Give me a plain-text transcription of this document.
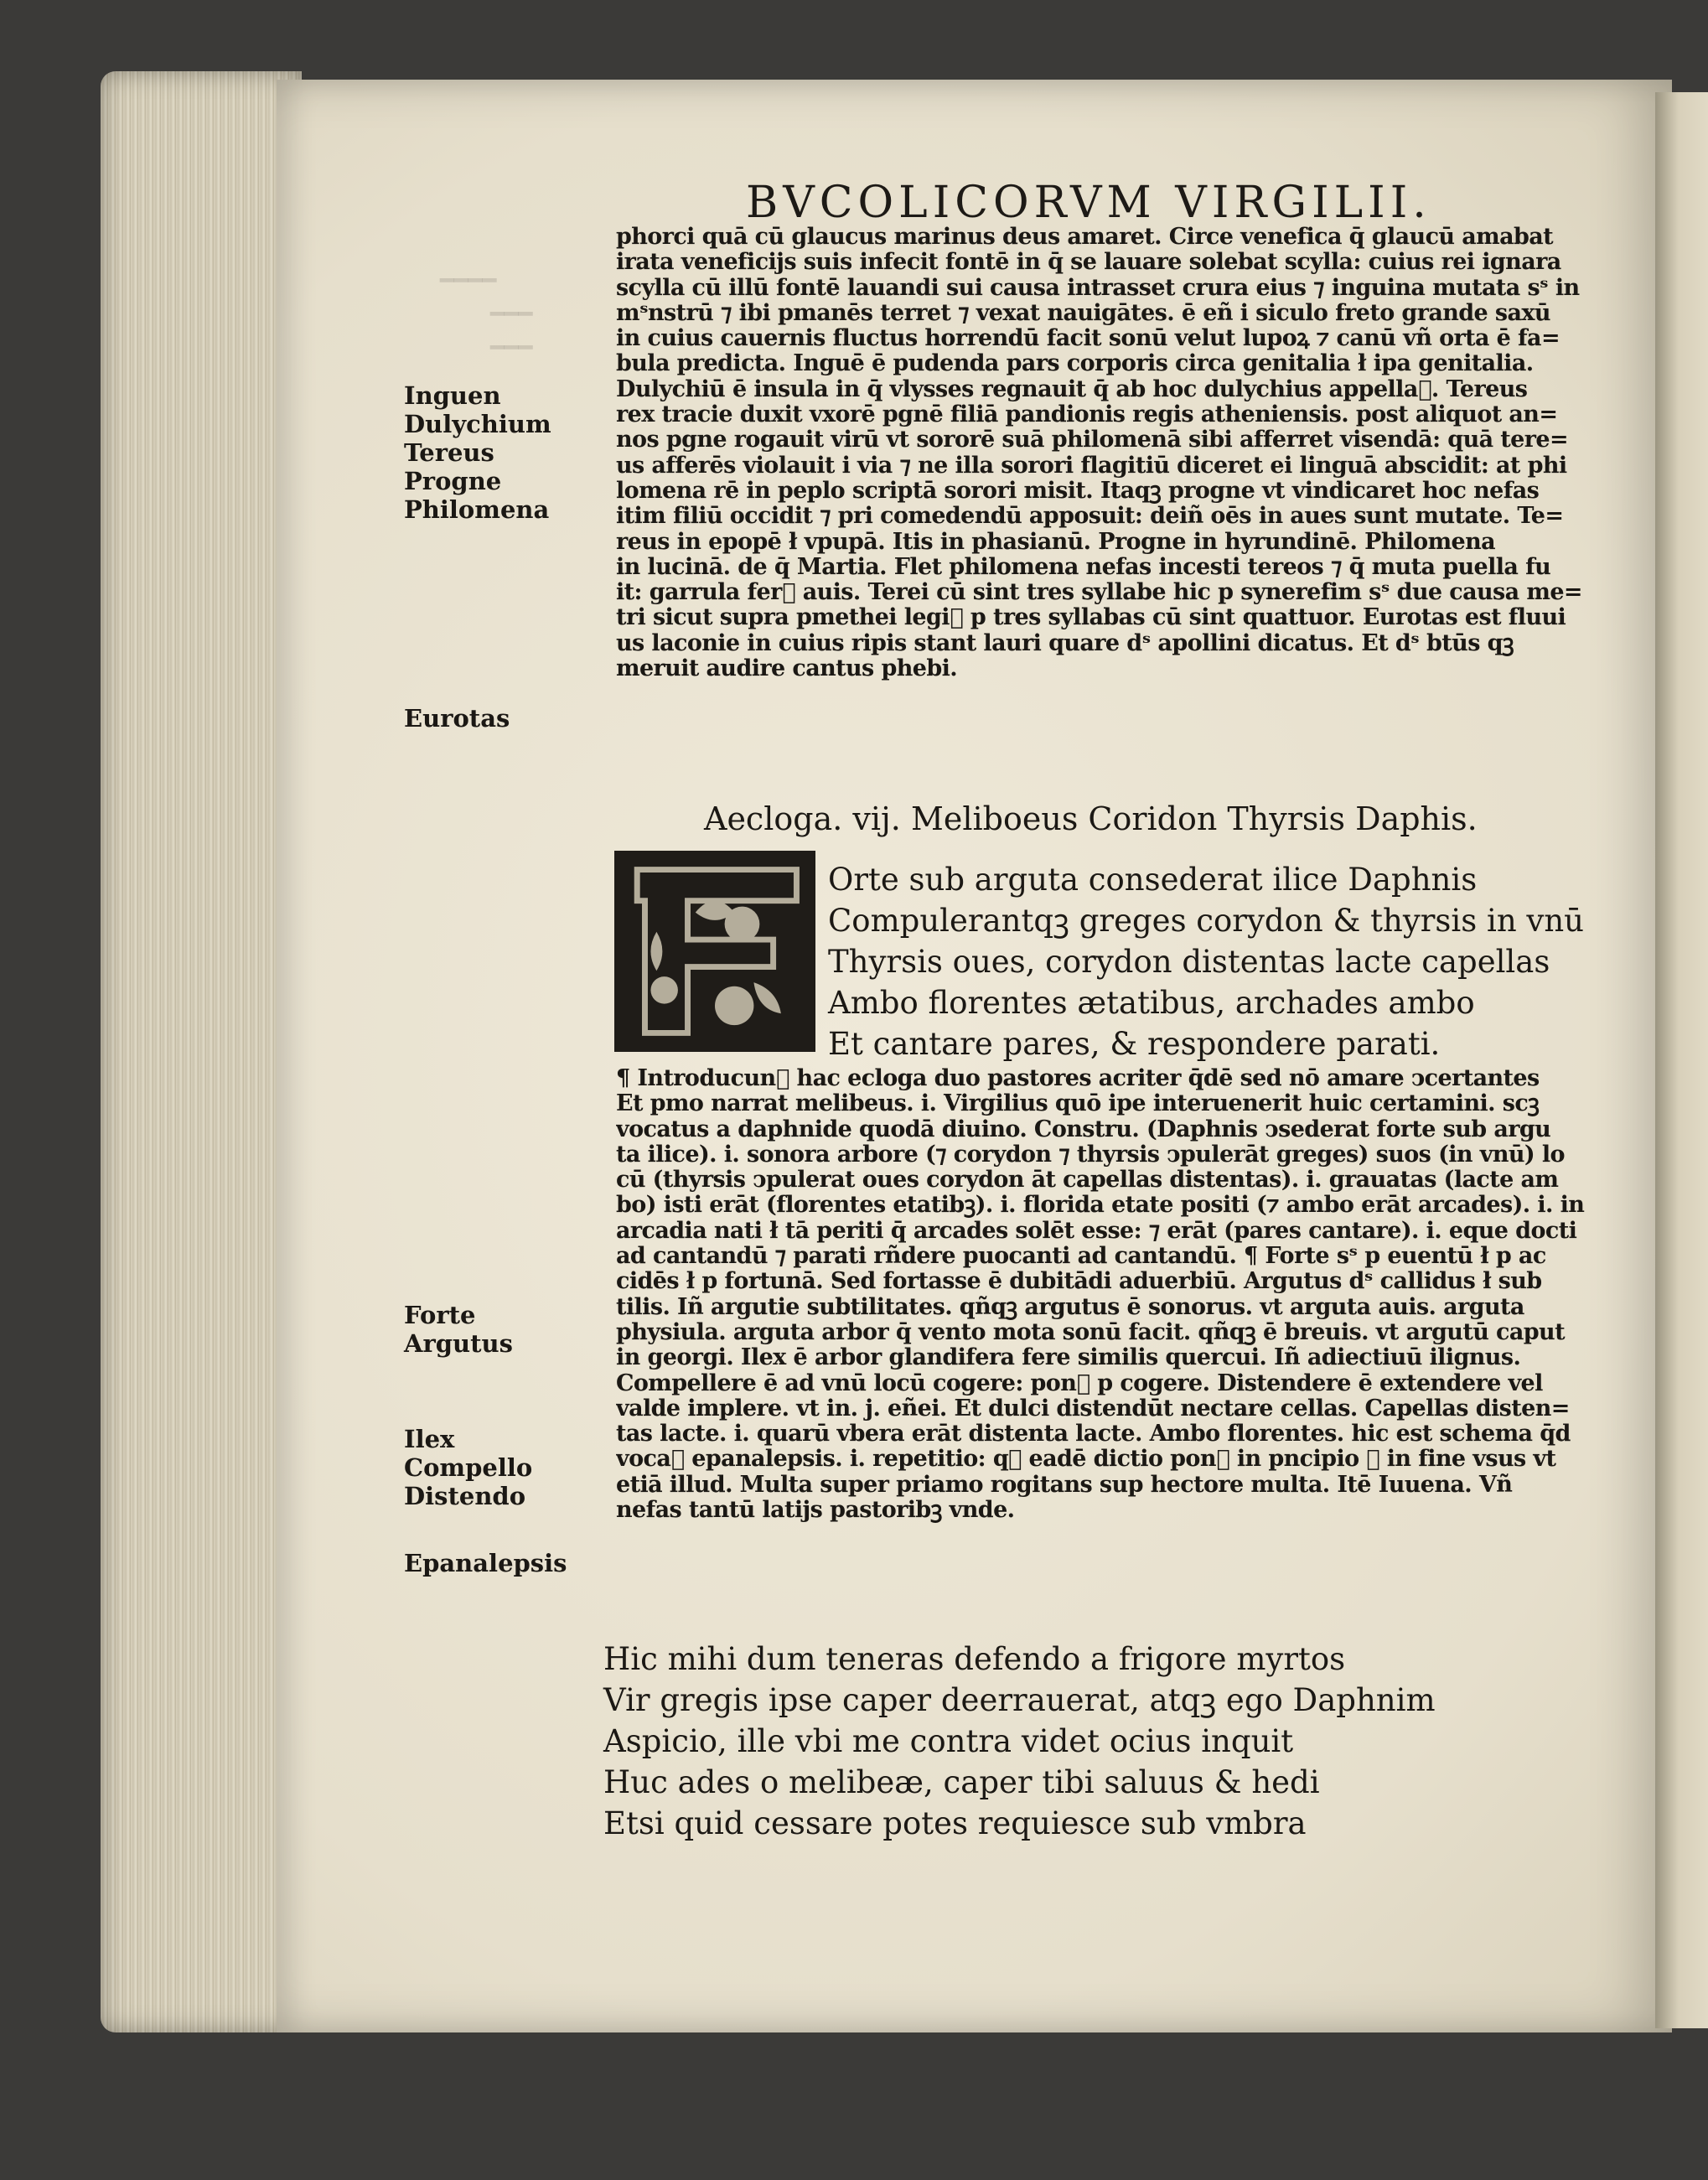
━━━━
━━━
━━━
BVCOLICORVM VIRGILII.
phorci quā cū glaucus marinus deus amaret. Circe venefica q̄ glaucū amabat
irata veneficijs suis infecit fontē in q̄ se lauare solebat scylla: cuius rei ignara
scylla cū illū fontē lauandi sui causa intrasset crura eius ⁊ inguina mutata sˢ in
mˢnstrū ⁊ ibi pmanēs terret ⁊ vexat nauigātes. ē eñ i siculo freto grande saxū
in cuius cauernis fluctus horrendū facit sonū velut lupoꝝ ⁊ canū vñ orta ē fa=
bula predicta. Inguē ē pudenda pars corporis circa genitalia ł ipa genitalia.
Dulychiū ē insula in q̄ vlysses regnauit q̄ ab hoc dulychius appellaᷓ. Tereus
rex tracie duxit vxorē pgnē filiā pandionis regis atheniensis. post aliquot an=
nos pgne rogauit virū vt sororē suā philomenā sibi afferret visendā: quā tere=
us afferēs violauit i via ⁊ ne illa sorori flagitiū diceret ei linguā abscidit: at phi
lomena rē in peplo scriptā sorori misit. Itaqꝫ progne vt vindicaret hoc nefas
itim filiū occidit ⁊ pri comedendū apposuit: deiñ oēs in aues sunt mutate. Te=
reus in epopē ł vpupā. Itis in phasianū. Progne in hyrundinē. Philomena
in lucinā. de q̄ Martia. Flet philomena nefas incesti tereos ⁊ q̄ muta puella fu
it: garrula ferᷓ auis. Terei cū sint tres syllabe hic p synerefim sˢ due causa me=
tri sicut supra pmethei legiᷓ p tres syllabas cū sint quattuor. Eurotas est fluui
us laconie in cuius ripis stant lauri quare dˢ apollini dicatus. Et dˢ btūs qꝫ
meruit audire cantus phebi.
Aecloga. vij. Meliboeus Coridon Thyrsis Daphis.
Orte sub arguta consederat ilice Daphnis
Compulerantqꝫ greges corydon & thyrsis in vnū
Thyrsis oues, corydon distentas lacte capellas
Ambo florentes ætatibus, archades ambo
Et cantare pares, & respondere parati.
¶ Introducunᷓ hac ecloga duo pastores acriter q̄dē sed nō amare ↄcertantes
Et pmo narrat melibeus. i. Virgilius quō ipe interuenerit huic certamini. scꝫ
vocatus a daphnide quodā diuino. Constru. (Daphnis ↄsederat forte sub argu
ta ilice). i. sonora arbore (⁊ corydon ⁊ thyrsis ↄpulerāt greges) suos (in vnū) lo
cū (thyrsis ↄpulerat oues corydon āt capellas distentas). i. grauatas (lacte am
bo) isti erāt (florentes etatibꝫ). i. florida etate positi (⁊ ambo erāt arcades). i. in
arcadia nati ł tā periti q̄ arcades solēt esse: ⁊ erāt (pares cantare). i. eque docti
ad cantandū ⁊ parati rñdere puocanti ad cantandū. ¶ Forte sˢ p euentū ł p ac
cidēs ł p fortunā. Sed fortasse ē dubitādi aduerbiū. Argutus dˢ callidus ł sub
tilis. Iñ argutie subtilitates. qñqꝫ argutus ē sonorus. vt arguta auis. arguta
physiula. arguta arbor q̄ vento mota sonū facit. qñqꝫ ē breuis. vt argutū caput
in georgi. Ilex ē arbor glandifera fere similis quercui. Iñ adiectiuū ilignus.
Compellere ē ad vnū locū cogere: ponᷓ p cogere. Distendere ē extendere vel
valde implere. vt in. j. eñei. Et dulci distendūt nectare cellas. Capellas disten=
tas lacte. i. quarū vbera erāt distenta lacte. Ambo florentes. hic est schema q̄d
vocaᷓ epanalepsis. i. repetitio: qꝫ eadē dictio ponᷓ in pncipio ⁊ in fine vsus vt
etiā illud. Multa super priamo rogitans sup hectore multa. Itē Iuuena. Vñ
nefas tantū latijs pastoribꝫ vnde.
Hic mihi dum teneras defendo a frigore myrtos
Vir gregis ipse caper deerrauerat, atqꝫ ego Daphnim
Aspicio, ille vbi me contra videt ocius inquit
Huc ades o melibeæ, caper tibi saluus & hedi
Etsi quid cessare potes requiesce sub vmbra
Inguen
Dulychium
Tereus
Progne
Philomena
Eurotas
Forte
Argutus
Ilex
Compello
Distendo
Epanalepsis
